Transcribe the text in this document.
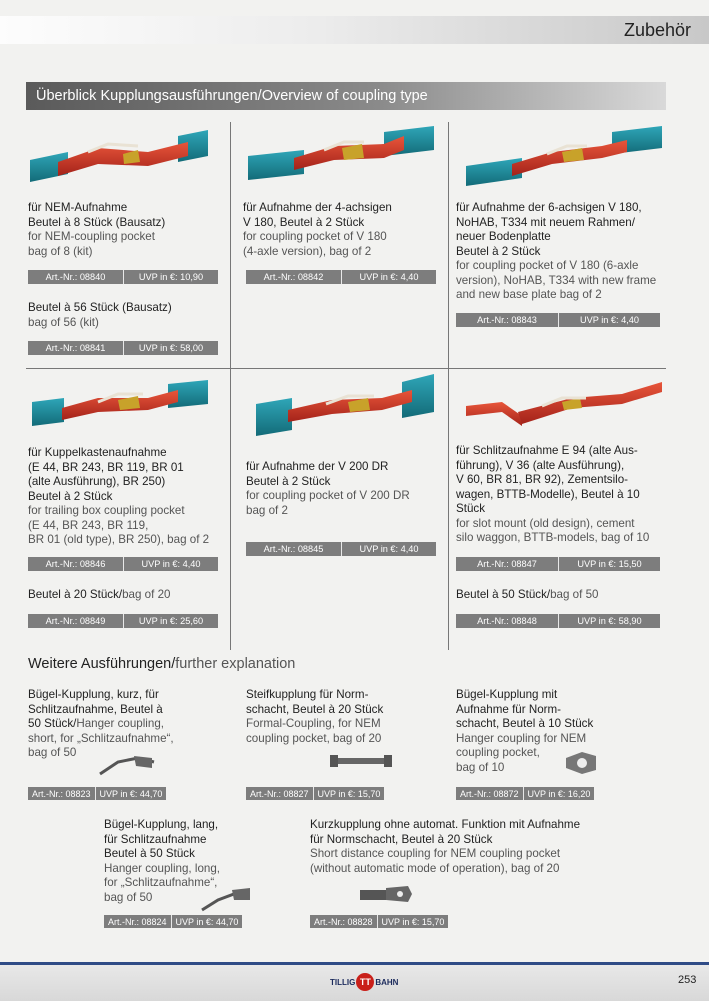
Zubehör
Überblick Kupplungsausführungen/Overview of coupling type
für NEM-Aufnahme
Beutel à 8 Stück (Bausatz)
for NEM-coupling pocket
bag of 8 (kit)
Art.-Nr.: 08840	UVP in €: 10,90
Beutel à 56 Stück (Bausatz)
bag of 56 (kit)
Art.-Nr.: 08841	UVP in €: 58,00
für Aufnahme der 4-achsigen
V 180, Beutel à 2 Stück
for coupling pocket of V 180
(4-axle version), bag of 2
Art.-Nr.: 08842	UVP in €: 4,40
für Aufnahme der 6-achsigen V 180,
NoHAB, T334 mit neuem Rahmen/
neuer Bodenplatte
Beutel à 2 Stück
for coupling pocket of V 180 (6-axle
version), NoHAB, T334 with new frame
and new base plate bag of 2
Art.-Nr.: 08843	UVP in €: 4,40
für Kuppelkastenaufnahme
(E 44, BR 243, BR 119, BR 01
(alte Ausführung), BR 250)
Beutel à 2 Stück
for trailing box coupling pocket
(E 44, BR 243, BR 119,
BR 01 (old type), BR 250), bag of 2
Art.-Nr.: 08846	UVP in €: 4,40
Beutel à 20 Stück/bag of 20
Art.-Nr.: 08849	UVP in €: 25,60
für Aufnahme der V 200 DR
Beutel à 2 Stück
for coupling pocket of V 200 DR
bag of 2
Art.-Nr.: 08845	UVP in €: 4,40
für Schlitzaufnahme E 94 (alte Aus-
führung), V 36 (alte Ausführung),
V 60, BR 81, BR 92), Zementsilo-
wagen, BTTB-Modelle), Beutel à 10
Stück
for slot mount (old design), cement
silo waggon, BTTB-models, bag of 10
Art.-Nr.: 08847	UVP in €: 15,50
Beutel à 50 Stück/bag of 50
Art.-Nr.: 08848	UVP in €: 58,90
Weitere Ausführungen/further explanation
Bügel-Kupplung, kurz, für
Schlitzaufnahme, Beutel à
50 Stück/Hanger coupling,
short, for „Schlitzaufnahme“,
bag of 50
Art.-Nr.: 08823	UVP in €: 44,70
Steifkupplung für Norm-
schacht, Beutel à 20 Stück
Formal-Coupling, for NEM
coupling pocket, bag of 20
Art.-Nr.: 08827	UVP in €: 15,70
Bügel-Kupplung mit
Aufnahme für Norm-
schacht, Beutel à 10 Stück
Hanger coupling for NEM
coupling pocket,
bag of 10
Art.-Nr.: 08872	UVP in €: 16,20
Bügel-Kupplung, lang,
für Schlitzaufnahme
Beutel à 50 Stück
Hanger coupling, long,
for „Schlitzaufnahme“,
bag of 50
Art.-Nr.: 08824	UVP in €: 44,70
Kurzkupplung ohne automat. Funktion mit Aufnahme
für Normschacht, Beutel à 20 Stück
Short distance coupling for NEM coupling pocket
(without automatic mode of operation), bag of 20
Art.-Nr.: 08828	UVP in €: 15,70
TILLIG TT BAHN	253
